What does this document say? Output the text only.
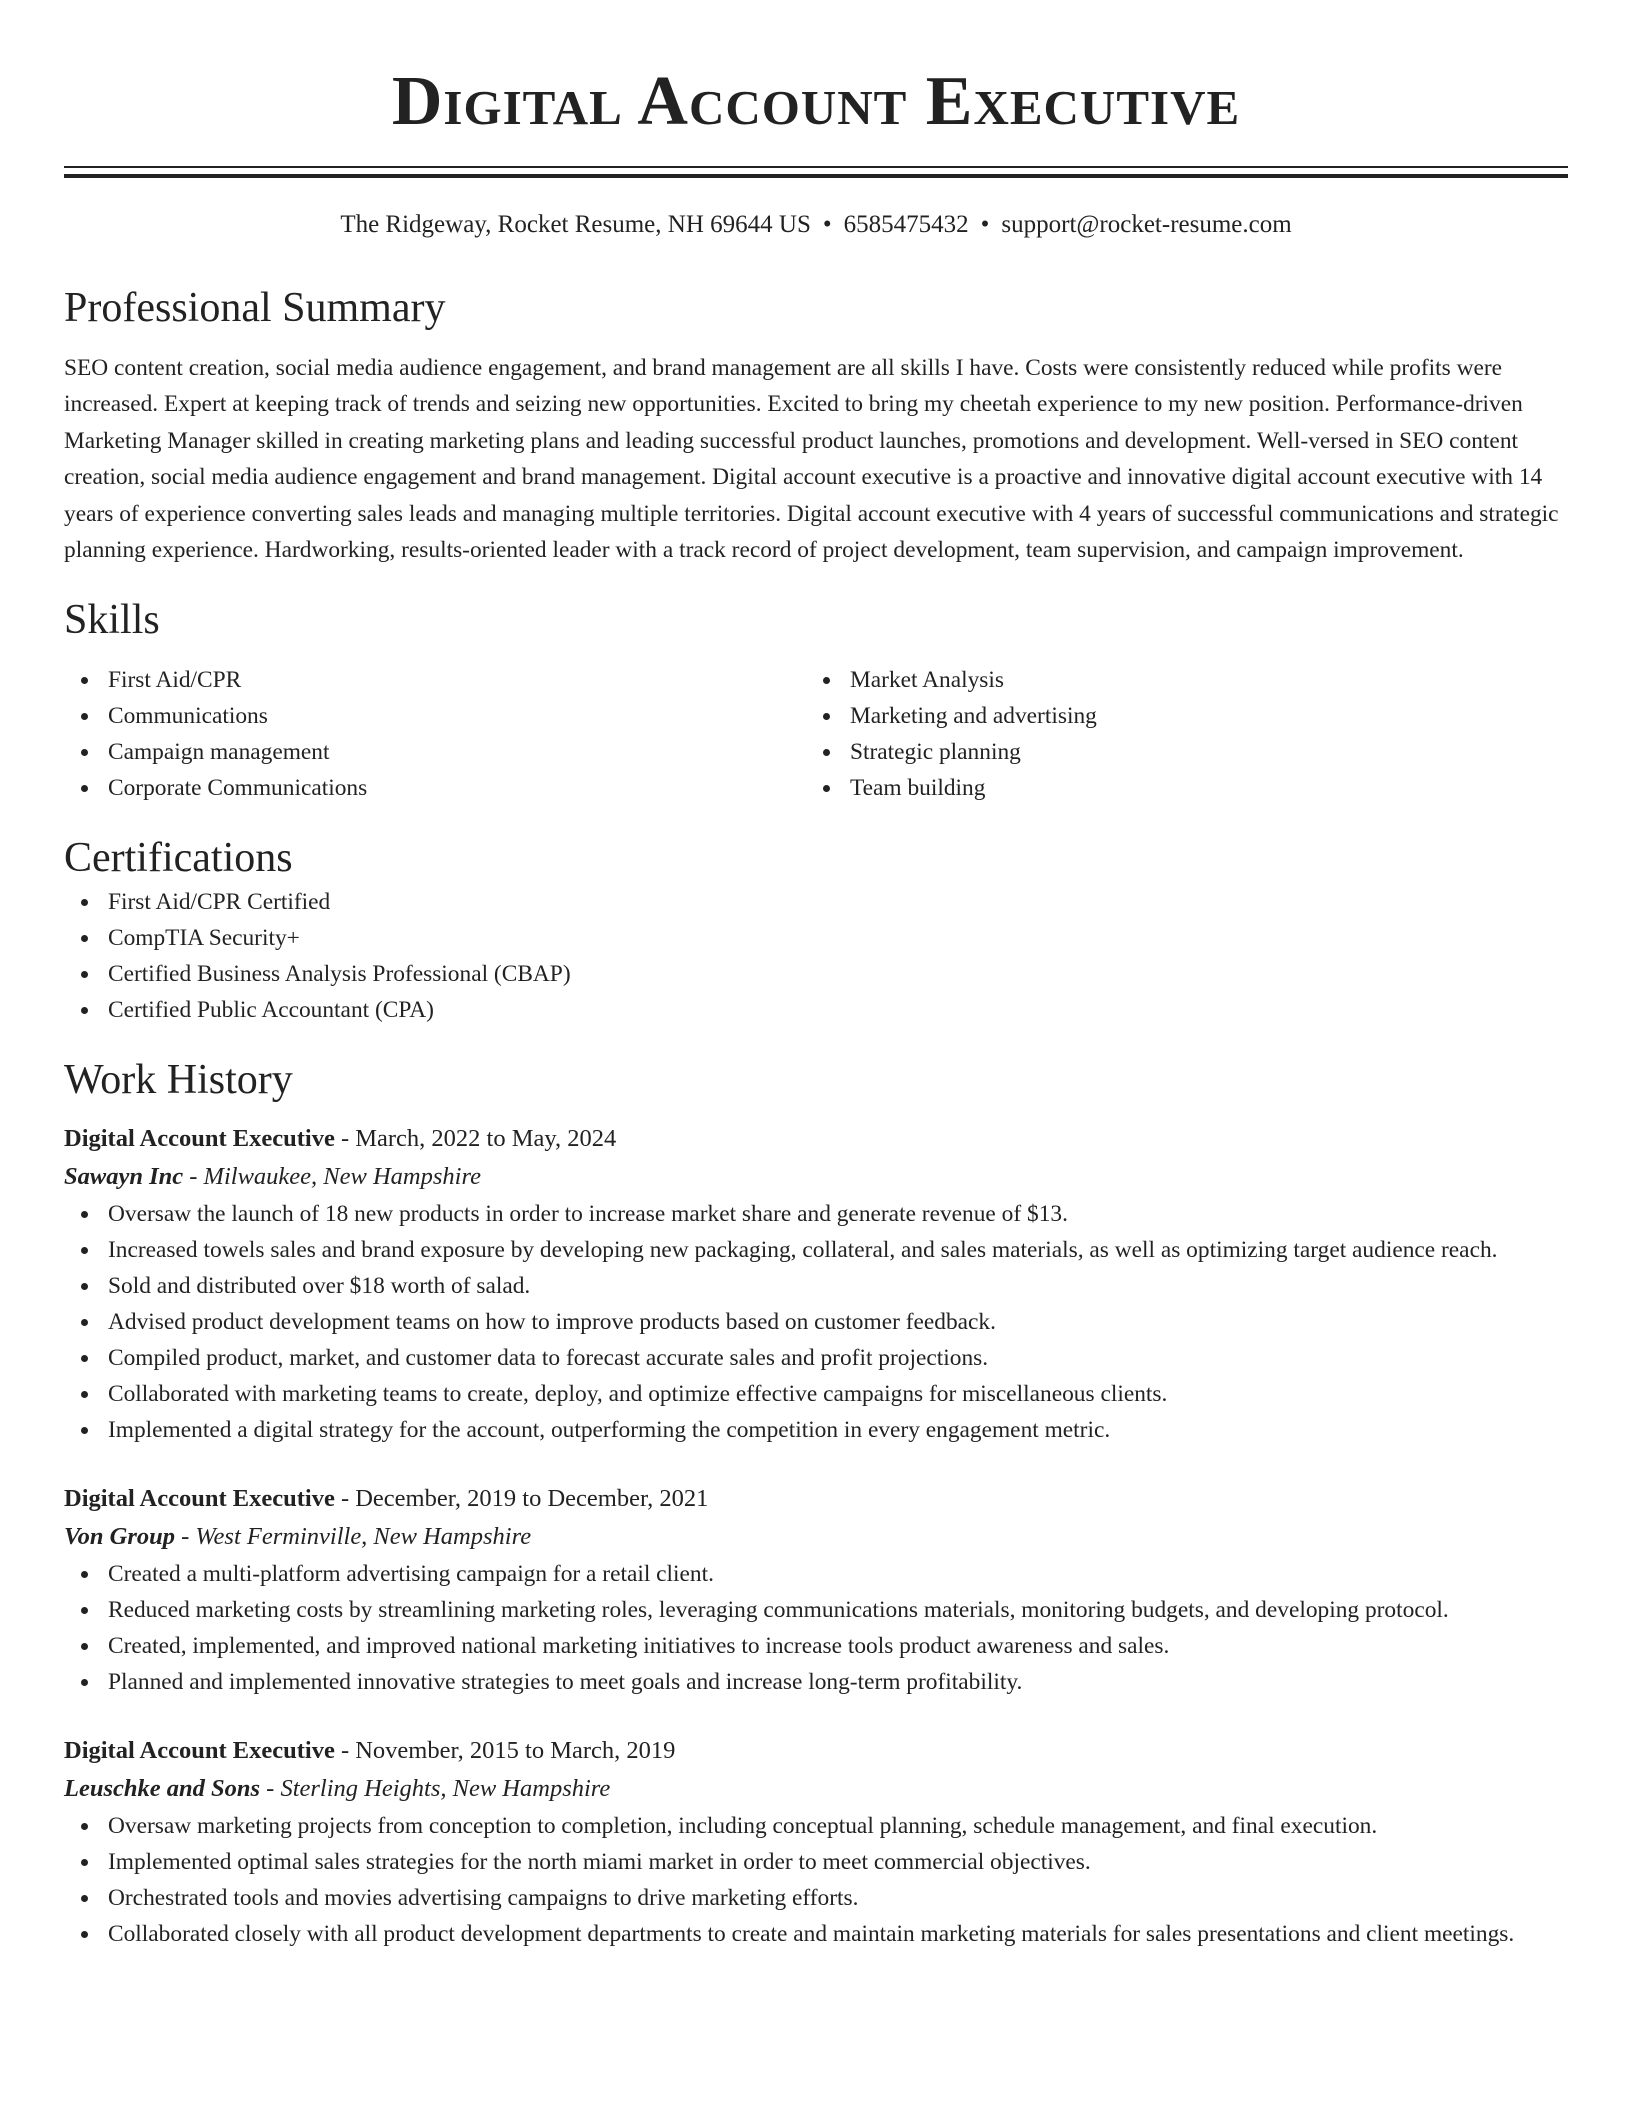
Digital Account Executive
The Ridgeway, Rocket Resume, NH 69644 US • 6585475432 • support@rocket-resume.com
Professional Summary
SEO content creation, social media audience engagement, and brand management are all skills I have. Costs were consistently reduced while profits were increased. Expert at keeping track of trends and seizing new opportunities. Excited to bring my cheetah experience to my new position. Performance-driven Marketing Manager skilled in creating marketing plans and leading successful product launches, promotions and development. Well-versed in SEO content creation, social media audience engagement and brand management. Digital account executive is a proactive and innovative digital account executive with 14 years of experience converting sales leads and managing multiple territories. Digital account executive with 4 years of successful communications and strategic planning experience. Hardworking, results-oriented leader with a track record of project development, team supervision, and campaign improvement.
Skills
First Aid/CPR
Communications
Campaign management
Corporate Communications
Market Analysis
Marketing and advertising
Strategic planning
Team building
Certifications
First Aid/CPR Certified
CompTIA Security+
Certified Business Analysis Professional (CBAP)
Certified Public Accountant (CPA)
Work History
Digital Account Executive - March, 2022 to May, 2024
Sawayn Inc - Milwaukee, New Hampshire
Oversaw the launch of 18 new products in order to increase market share and generate revenue of $13.
Increased towels sales and brand exposure by developing new packaging, collateral, and sales materials, as well as optimizing target audience reach.
Sold and distributed over $18 worth of salad.
Advised product development teams on how to improve products based on customer feedback.
Compiled product, market, and customer data to forecast accurate sales and profit projections.
Collaborated with marketing teams to create, deploy, and optimize effective campaigns for miscellaneous clients.
Implemented a digital strategy for the account, outperforming the competition in every engagement metric.
Digital Account Executive - December, 2019 to December, 2021
Von Group - West Ferminville, New Hampshire
Created a multi-platform advertising campaign for a retail client.
Reduced marketing costs by streamlining marketing roles, leveraging communications materials, monitoring budgets, and developing protocol.
Created, implemented, and improved national marketing initiatives to increase tools product awareness and sales.
Planned and implemented innovative strategies to meet goals and increase long-term profitability.
Digital Account Executive - November, 2015 to March, 2019
Leuschke and Sons - Sterling Heights, New Hampshire
Oversaw marketing projects from conception to completion, including conceptual planning, schedule management, and final execution.
Implemented optimal sales strategies for the north miami market in order to meet commercial objectives.
Orchestrated tools and movies advertising campaigns to drive marketing efforts.
Collaborated closely with all product development departments to create and maintain marketing materials for sales presentations and client meetings.
